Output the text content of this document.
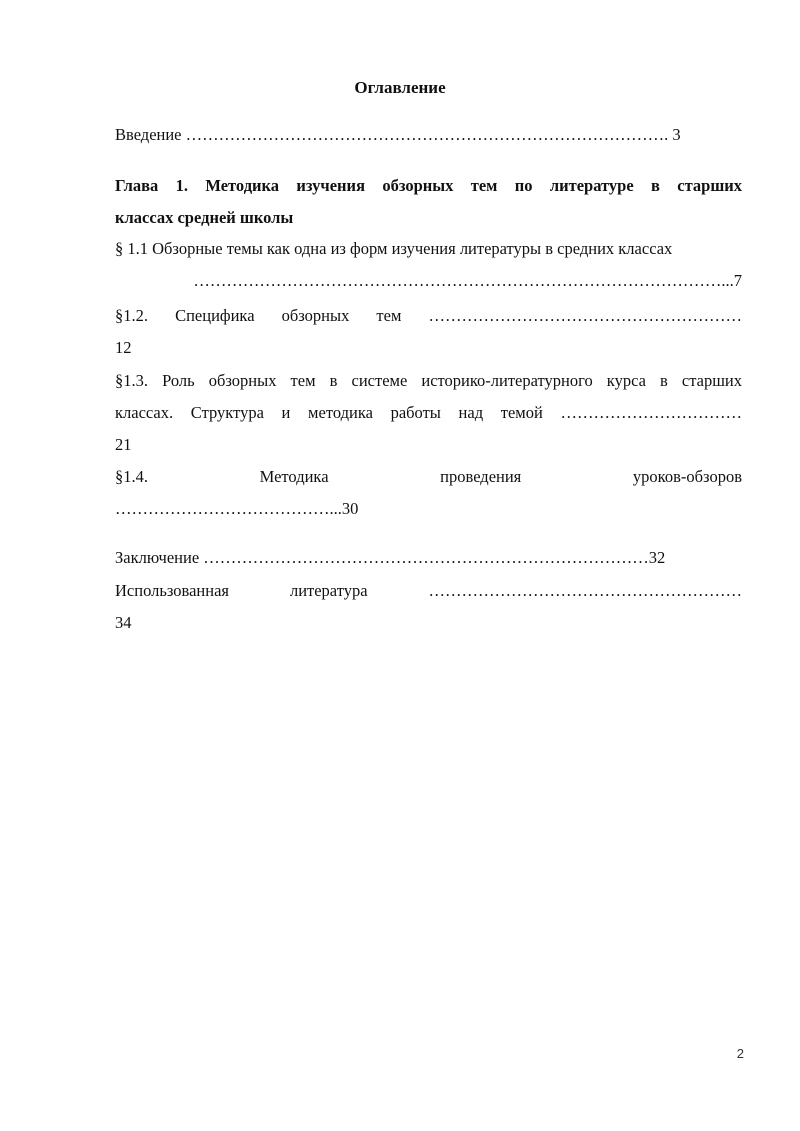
Оглавление
Введение ……………………………………………………………………………. 3
Глава 1. Методика изучения обзорных тем по литературе в старших
классах средней школы
§ 1.1 Обзорные темы как одна из форм изучения литературы в средних классах
……………………………………………………………………………………...7
§1.2. Специфика обзорных тем …………………………………………………
12
§1.3. Роль обзорных тем в системе историко-литературного курса в старших
классах. Структура и методика работы над темой ……………………………
21
§1.4. Методика проведения уроков-обзоров
…………………………………...30
Заключение ………………………………………………………………………32
Использованная литература …………………………………………………
34
2
